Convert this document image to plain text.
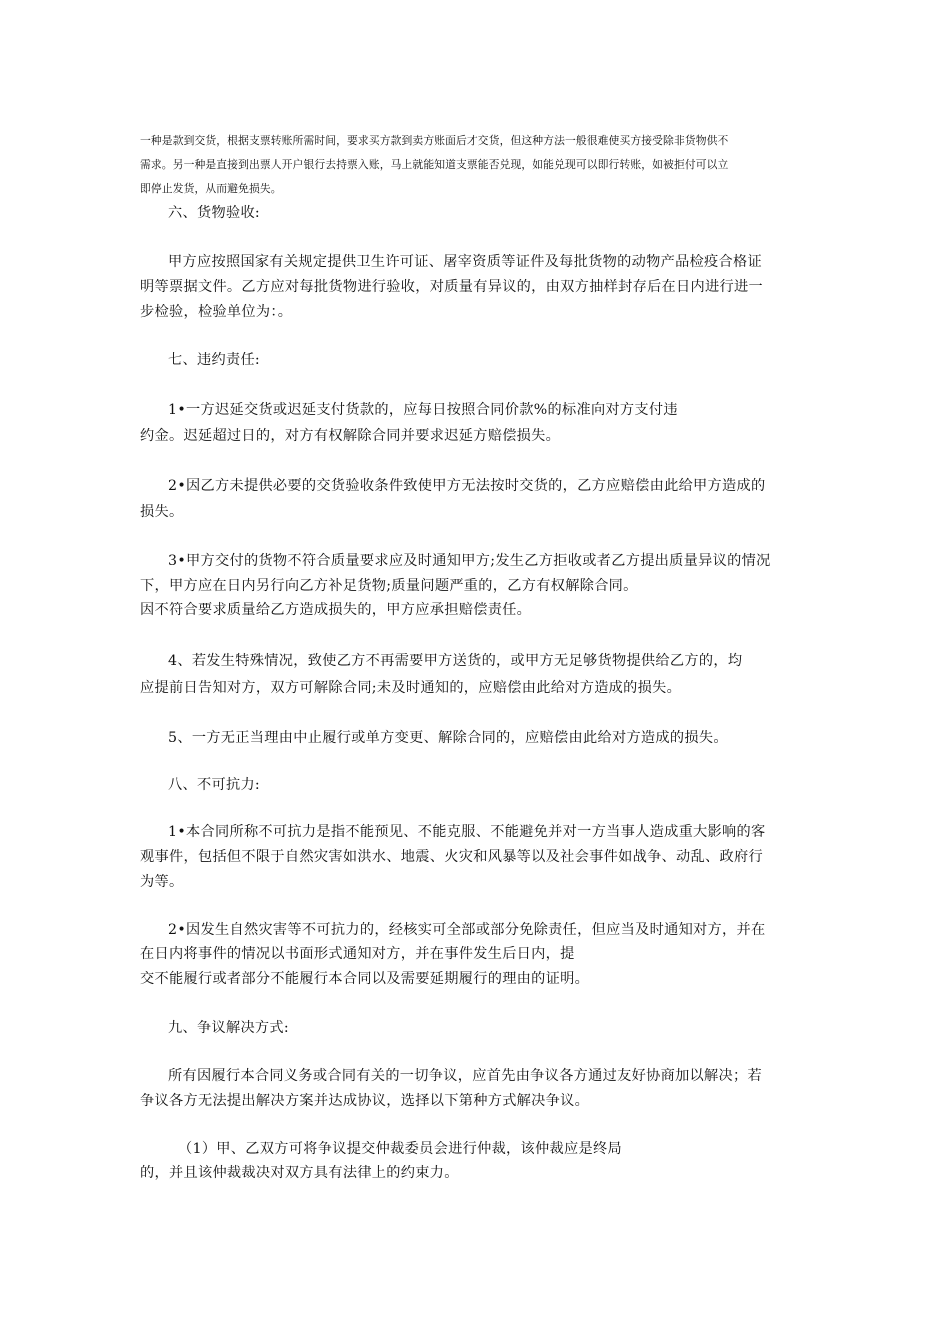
一种是款到交货，根据支票转账所需时间，要求买方款到卖方账面后才交货，但这种方法一般很难使买方接受除非货物供不
需求。另一种是直接到出票人开户银行去持票入账，马上就能知道支票能否兑现，如能兑现可以即行转账，如被拒付可以立
即停止发货，从而避免损失。
六、货物验收:
甲方应按照国家有关规定提供卫生许可证、屠宰资质等证件及每批货物的动物产品检疫合格证
明等票据文件。乙方应对每批货物进行验收，对质量有异议的，由双方抽样封存后在日内进行进一
步检验，检验单位为：。
七、违约责任:
1•一方迟延交货或迟延支付货款的，应每日按照合同价款%的标准向对方支付违
约金。迟延超过日的，对方有权解除合同并要求迟延方赔偿损失。
2•因乙方未提供必要的交货验收条件致使甲方无法按时交货的，乙方应赔偿由此给甲方造成的
损失。
3•甲方交付的货物不符合质量要求应及时通知甲方;发生乙方拒收或者乙方提出质量异议的情况
下，甲方应在日内另行向乙方补足货物;质量问题严重的，乙方有权解除合同。
因不符合要求质量给乙方造成损失的，甲方应承担赔偿责任。
4、若发生特殊情况，致使乙方不再需要甲方送货的，或甲方无足够货物提供给乙方的，均
应提前日告知对方，双方可解除合同;未及时通知的，应赔偿由此给对方造成的损失。
5、一方无正当理由中止履行或单方变更、解除合同的，应赔偿由此给对方造成的损失。
八、不可抗力:
1•本合同所称不可抗力是指不能预见、不能克服、不能避免并对一方当事人造成重大影响的客
观事件，包括但不限于自然灾害如洪水、地震、火灾和风暴等以及社会事件如战争、动乱、政府行
为等。
2•因发生自然灾害等不可抗力的，经核实可全部或部分免除责任，但应当及时通知对方，并在
在日内将事件的情况以书面形式通知对方，并在事件发生后日内，提
交不能履行或者部分不能履行本合同以及需要延期履行的理由的证明。
九、争议解决方式:
所有因履行本合同义务或合同有关的一切争议，应首先由争议各方通过友好协商加以解决；若
争议各方无法提出解决方案并达成协议，选择以下第种方式解决争议。
（1）甲、乙双方可将争议提交仲裁委员会进行仲裁，该仲裁应是终局
的，并且该仲裁裁决对双方具有法律上的约束力。
